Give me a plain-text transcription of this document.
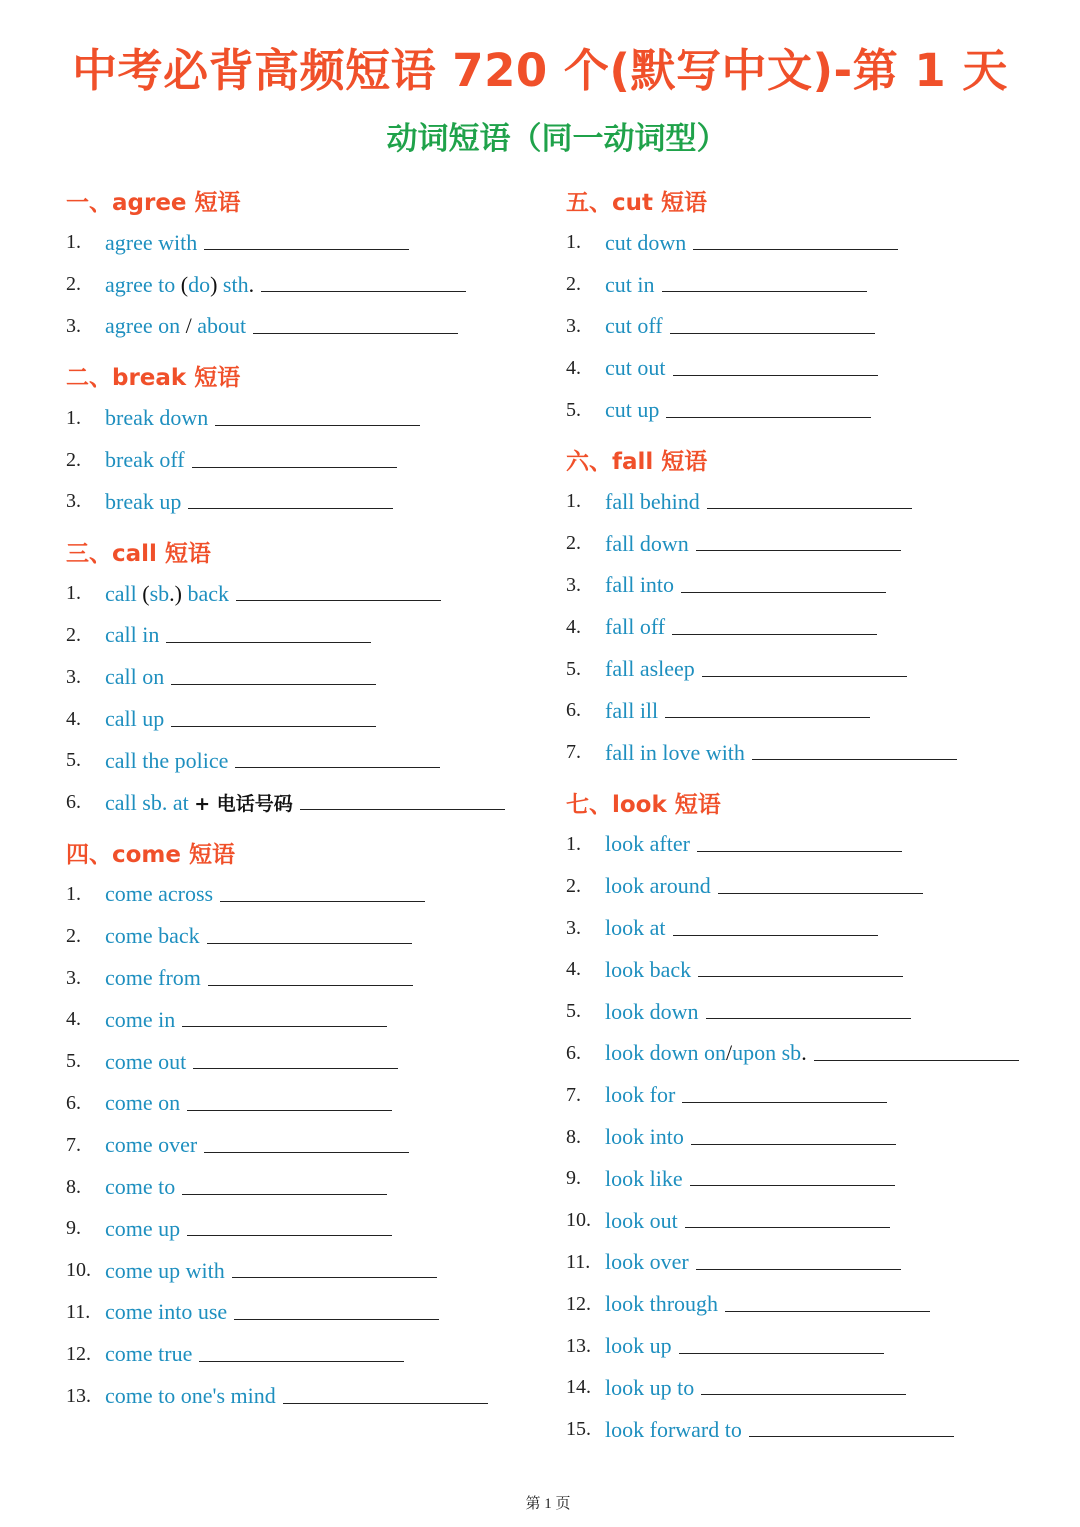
中考必背高频短语 720 个(默写中文)-第 1 天
动词短语（同一动词型）
一、agree 短语
1.	agree with
2.	agree to (do) sth.
3.	agree on / about
二、break 短语
1.	break down
2.	break off
3.	break up
三、call 短语
1.	call (sb.) back
2.	call in
3.	call on
4.	call up
5.	call the police
6.	call sb. at + 电话号码
四、come 短语
1.	come across
2.	come back
3.	come from
4.	come in
5.	come out
6.	come on
7.	come over
8.	come to
9.	come up
10. come up with
11. come into use
12. come true
13. come to one's mind
五、cut 短语
1.	cut down
2.	cut in
3.	cut off
4.	cut out
5.	cut up
六、fall 短语
1.	fall behind
2.	fall down
3.	fall into
4.	fall off
5.	fall asleep
6.	fall ill
7.	fall in love with
七、look 短语
1.	look after
2.	look around
3.	look at
4.	look back
5.	look down
6.	look down on/upon sb.
7.	look for
8.	look into
9.	look like
10. look out
11. look over
12. look through
13. look up
14. look up to
15. look forward to
第 1 页
